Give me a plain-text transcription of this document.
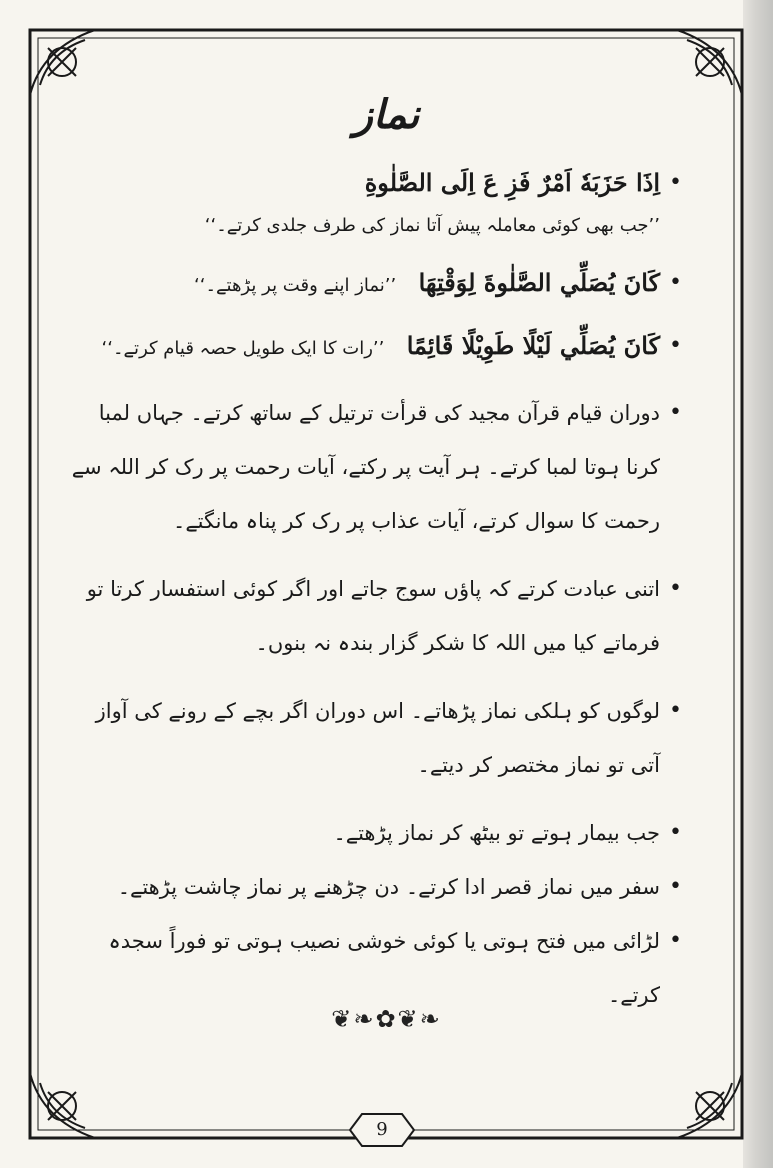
نماز
•
اِذَا حَزَبَهٗ اَمْرٌ فَزِ عَ اِلَى الصَّلٰوةِ
’’جب بھی کوئی معاملہ پیش آتا نماز کی طرف جلدی کرتے۔‘‘
•
كَانَ يُصَلِّي الصَّلٰوةَ لِوَقْتِهَا ’’نماز اپنے وقت پر پڑھتے۔‘‘
•
كَانَ يُصَلِّي لَيْلًا طَوِيْلًا قَائِمًا ’’رات کا ایک طویل حصہ قیام کرتے۔‘‘
•
دوران قیام قرآن مجید کی قرأت ترتیل کے ساتھ کرتے۔ جہاں لمبا کرنا ہوتا لمبا کرتے۔ ہر آیت پر رکتے، آیات رحمت پر رک کر اللہ سے رحمت کا سوال کرتے، آیات عذاب پر رک کر پناہ مانگتے۔
•
اتنی عبادت کرتے کہ پاؤں سوج جاتے اور اگر کوئی استفسار کرتا تو فرماتے کیا میں اللہ کا شکر گزار بندہ نہ بنوں۔
•
لوگوں کو ہلکی نماز پڑھاتے۔ اس دوران اگر بچے کے رونے کی آواز آتی تو نماز مختصر کر دیتے۔
•
جب بیمار ہوتے تو بیٹھ کر نماز پڑھتے۔
•
سفر میں نماز قصر ادا کرتے۔ دن چڑھنے پر نماز چاشت پڑھتے۔
•
لڑائی میں فتح ہوتی یا کوئی خوشی نصیب ہوتی تو فوراً سجدہ کرتے۔
❦❧✿❦❧
9
